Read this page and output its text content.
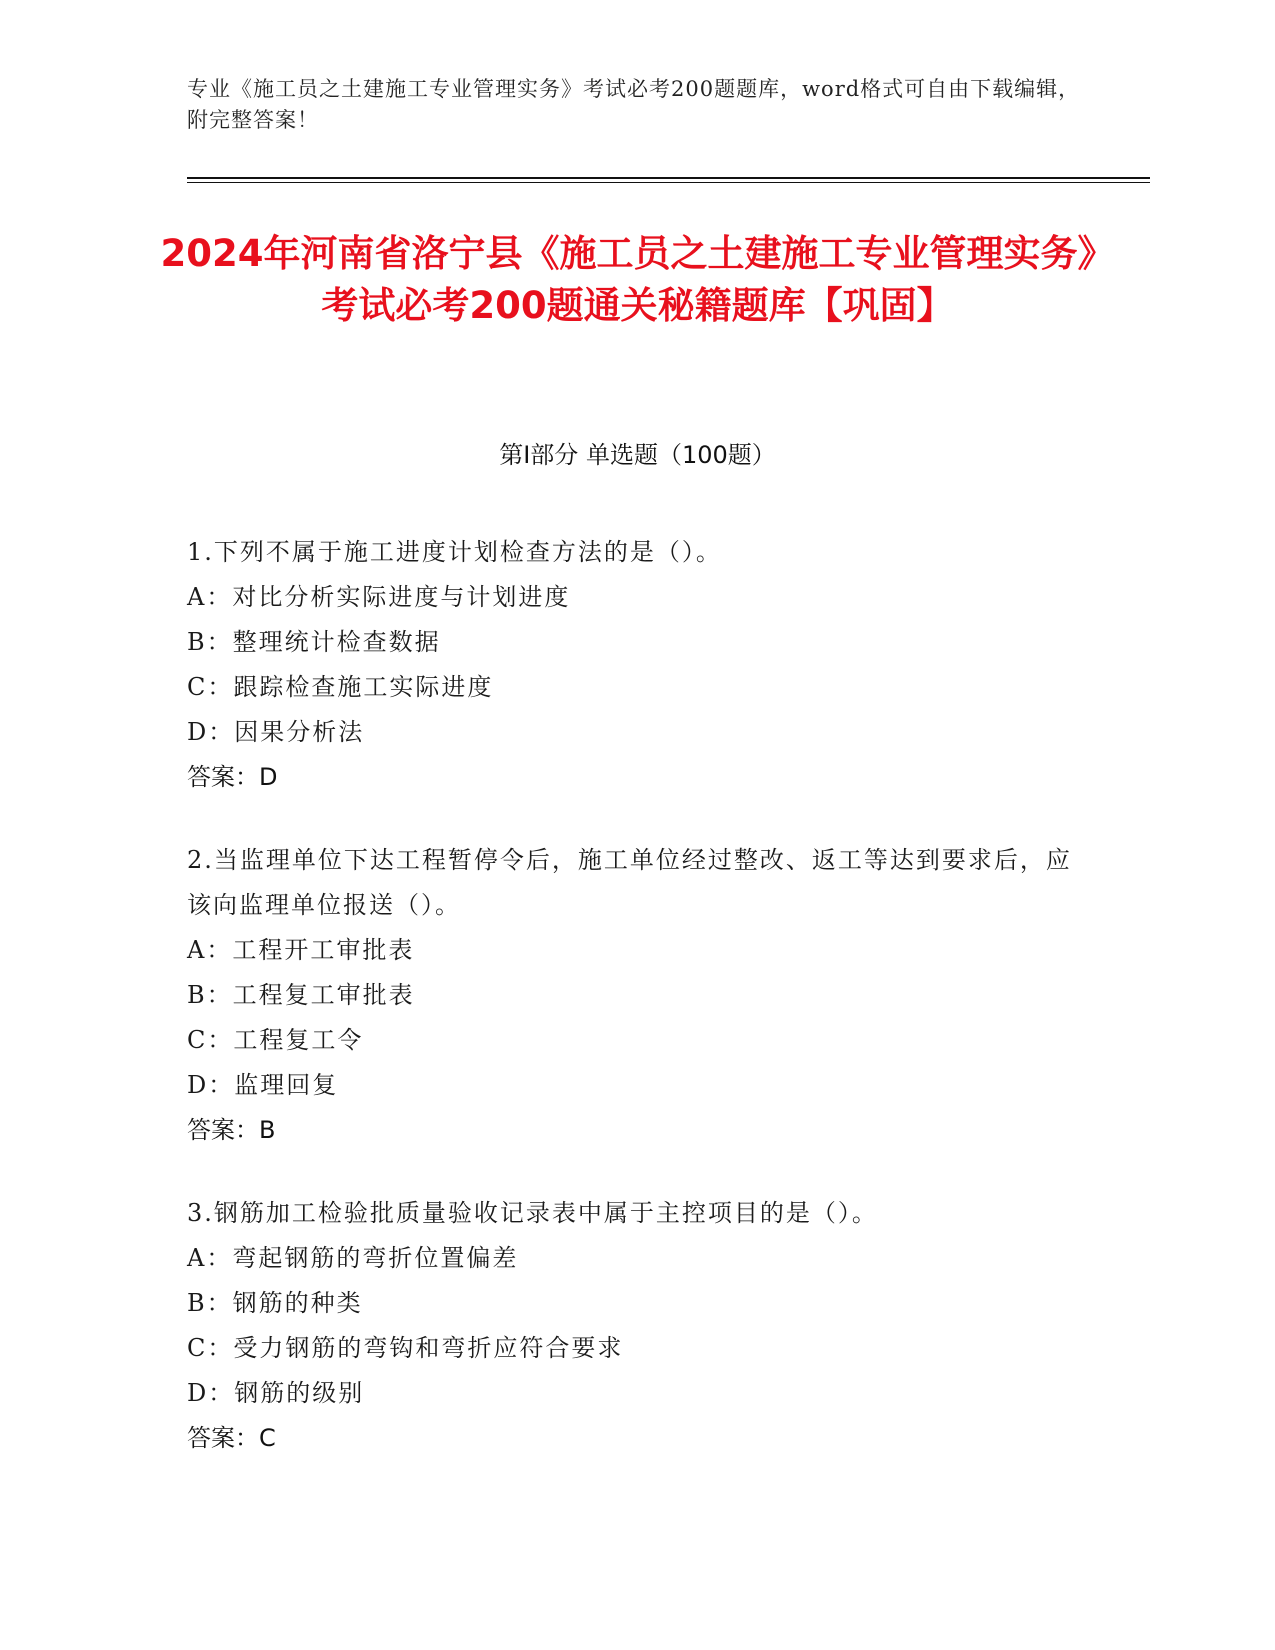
专业《施工员之土建施工专业管理实务》考试必考200题题库，word格式可自由下载编辑，附完整答案！
2024年河南省洛宁县《施工员之土建施工专业管理实务》考试必考200题通关秘籍题库【巩固】
第Ⅰ部分 单选题（100题）
1.下列不属于施工进度计划检查方法的是（）。
A：对比分析实际进度与计划进度
B：整理统计检查数据
C：跟踪检查施工实际进度
D：因果分析法
答案：D
2.当监理单位下达工程暂停令后，施工单位经过整改、返工等达到要求后，应该向监理单位报送（）。
A：工程开工审批表
B：工程复工审批表
C：工程复工令
D：监理回复
答案：B
3.钢筋加工检验批质量验收记录表中属于主控项目的是（）。
A：弯起钢筋的弯折位置偏差
B：钢筋的种类
C：受力钢筋的弯钩和弯折应符合要求
D：钢筋的级别
答案：C
